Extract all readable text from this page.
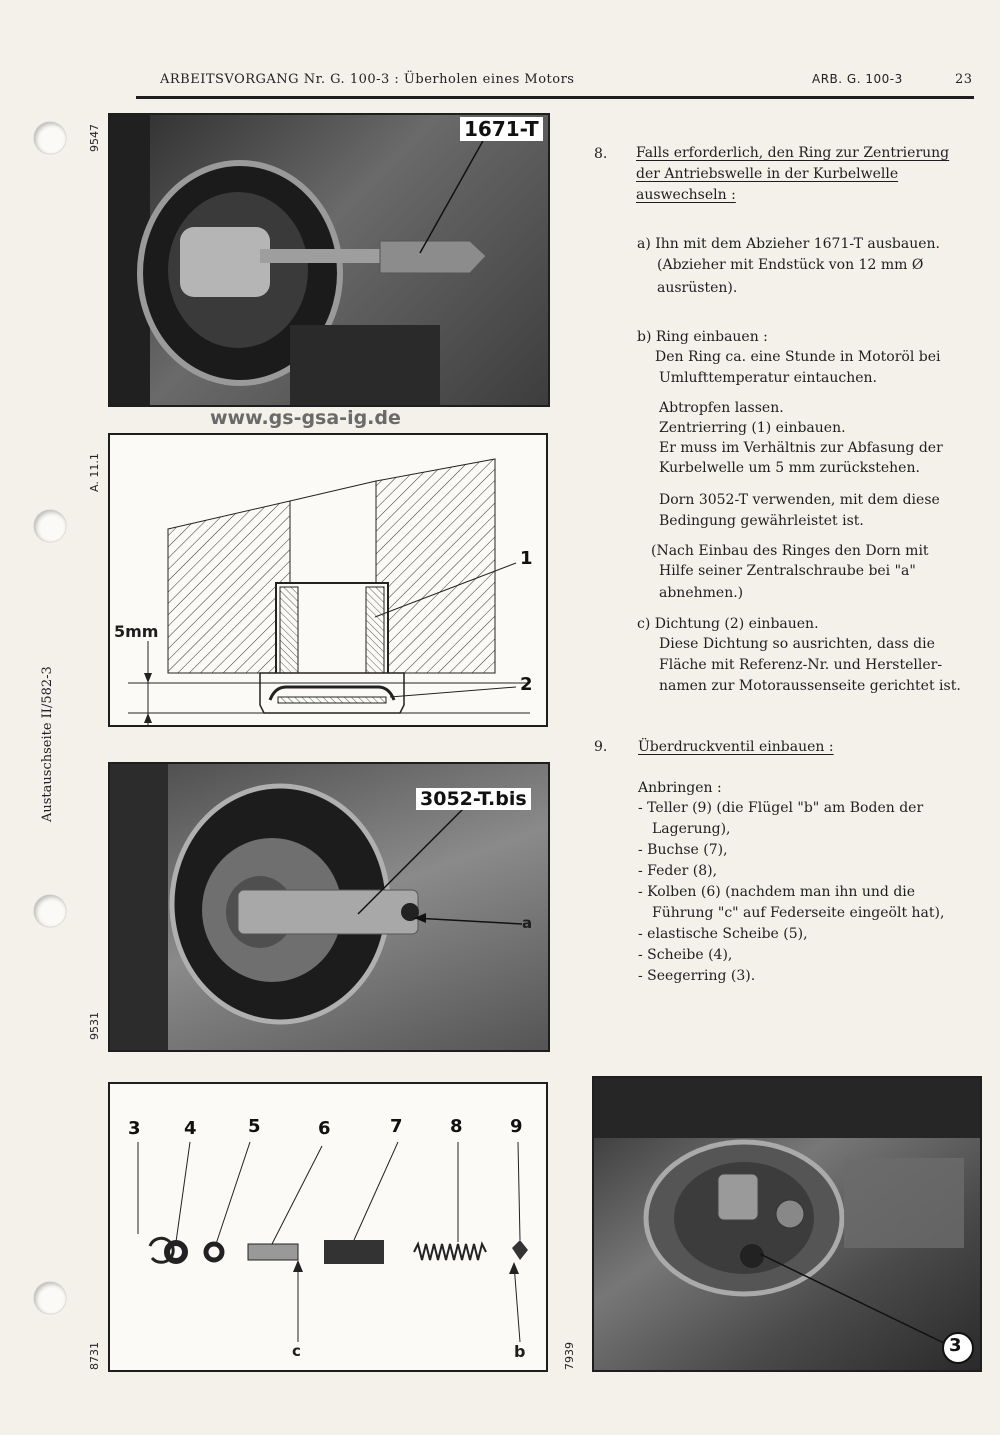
ARBEITSVORGANG Nr. G. 100-3 : Überholen eines Motors	ARB. G. 100-3	23
Austauschseite II/582-3
9547	1671-T
www.gs-gsa-ig.de
A. 11.1
5mm
1
2
9531
3052-T.bis
a
8731
3 4	5	6	7	8	9
c	b	7939	3
8. Falls erforderlich, den Ring zur Zentrierung
der Antriebswelle in der Kurbelwelle
auswechseln :
a) Ihn mit dem Abzieher 1671-T ausbauen.
(Abzieher mit Endstück von 12 mm Ø
ausrüsten).
b) Ring einbauen :
Den Ring ca. eine Stunde in Motoröl bei
Umlufttemperatur eintauchen.
Abtropfen lassen.
Zentrierring (1) einbauen.
Er muss im Verhältnis zur Abfasung der
Kurbelwelle um 5 mm zurückstehen.
Dorn 3052-T verwenden, mit dem diese
Bedingung gewährleistet ist.
(Nach Einbau des Ringes den Dorn mit
Hilfe seiner Zentralschraube bei "a"
abnehmen.)
c) Dichtung (2) einbauen.
Diese Dichtung so ausrichten, dass die
Fläche mit Referenz-Nr. und Hersteller-
namen zur Motoraussenseite gerichtet ist.
9. Überdruckventil einbauen :
Anbringen :
- Teller (9) (die Flügel "b" am Boden der Lagerung),
- Buchse (7),
- Feder (8),
- Kolben (6) (nachdem man ihn und die Führung "c" auf Federseite eingeölt hat),
- elastische Scheibe (5),
- Scheibe (4),
- Seegerring (3).
